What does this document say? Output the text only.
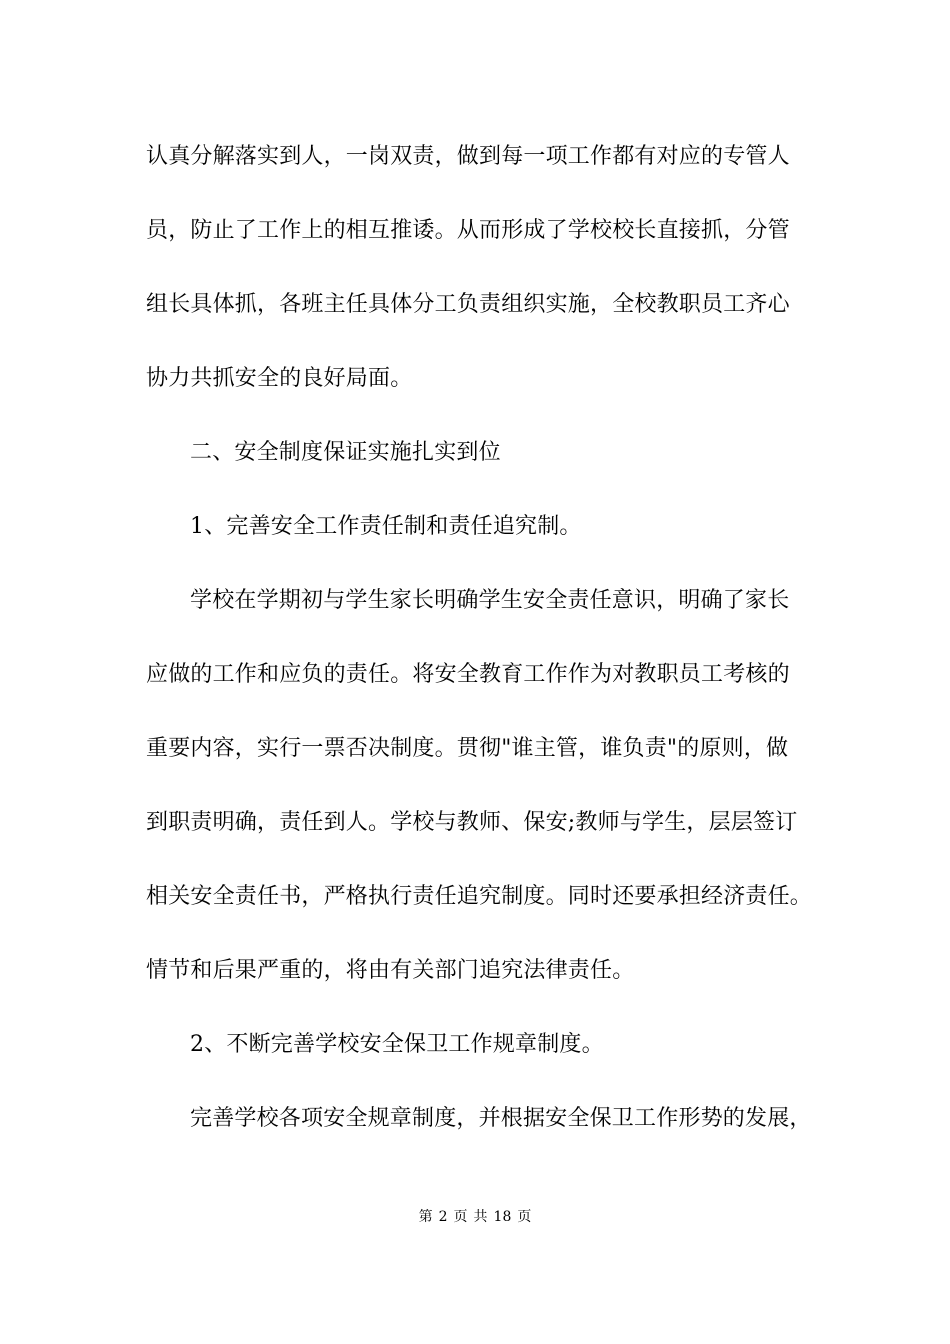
认真分解落实到人，一岗双责，做到每一项工作都有对应的专管人
员，防止了工作上的相互推诿。从而形成了学校校长直接抓，分管
组长具体抓，各班主任具体分工负责组织实施，全校教职员工齐心
协力共抓安全的良好局面。
二、安全制度保证实施扎实到位
1、完善安全工作责任制和责任追究制。
学校在学期初与学生家长明确学生安全责任意识，明确了家长
应做的工作和应负的责任。将安全教育工作作为对教职员工考核的
重要内容，实行一票否决制度。贯彻"谁主管，谁负责"的原则，做
到职责明确，责任到人。学校与教师、保安;教师与学生，层层签订
相关安全责任书，严格执行责任追究制度。同时还要承担经济责任。
情节和后果严重的，将由有关部门追究法律责任。
2、不断完善学校安全保卫工作规章制度。
完善学校各项安全规章制度，并根据安全保卫工作形势的发展，
第 2 页 共 18 页
